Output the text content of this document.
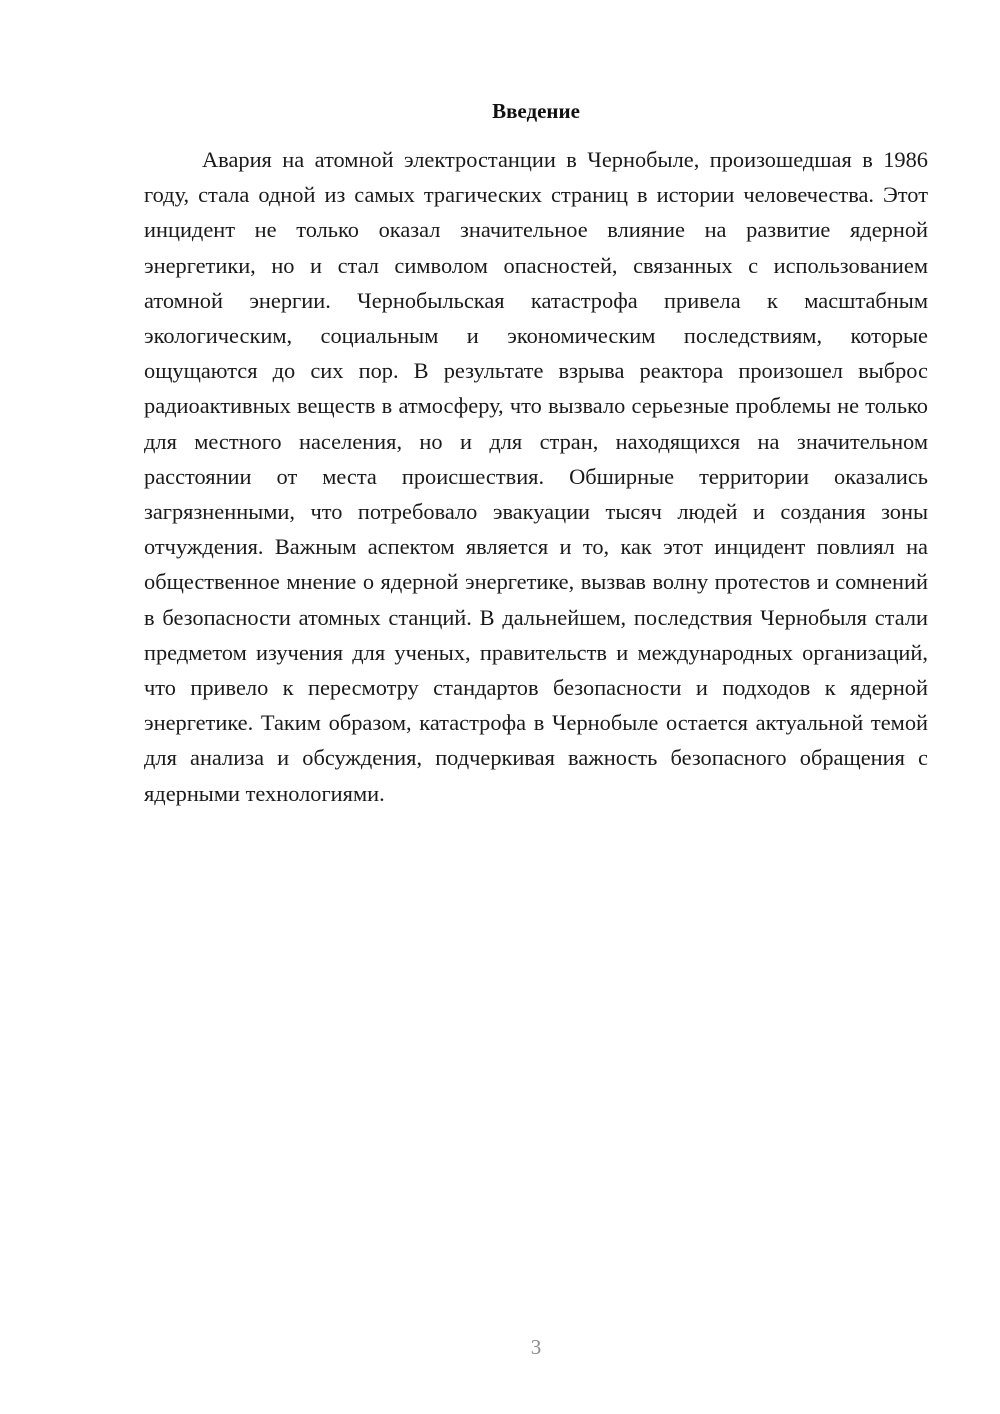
Введение

Авария на атомной электростанции в Чернобыле, произошедшая в 1986 году, стала одной из самых трагических страниц в истории человечества. Этот инцидент не только оказал значительное влияние на развитие ядерной энергетики, но и стал символом опасностей, связанных с использованием атомной энергии. Чернобыльская катастрофа привела к масштабным экологическим, социальным и экономическим последствиям, которые ощущаются до сих пор. В результате взрыва реактора произошел выброс радиоактивных веществ в атмосферу, что вызвало серьезные проблемы не только для местного населения, но и для стран, находящихся на значительном расстоянии от места происшествия. Обширные территории оказались загрязненными, что потребовало эвакуации тысяч людей и создания зоны отчуждения. Важным аспектом является и то, как этот инцидент повлиял на общественное мнение о ядерной энергетике, вызвав волну протестов и сомнений в безопасности атомных станций. В дальнейшем, последствия Чернобыля стали предметом изучения для ученых, правительств и международных организаций, что привело к пересмотру стандартов безопасности и подходов к ядерной энергетике. Таким образом, катастрофа в Чернобыле остается актуальной темой для анализа и обсуждения, подчеркивая важность безопасного обращения с ядерными технологиями.

3
